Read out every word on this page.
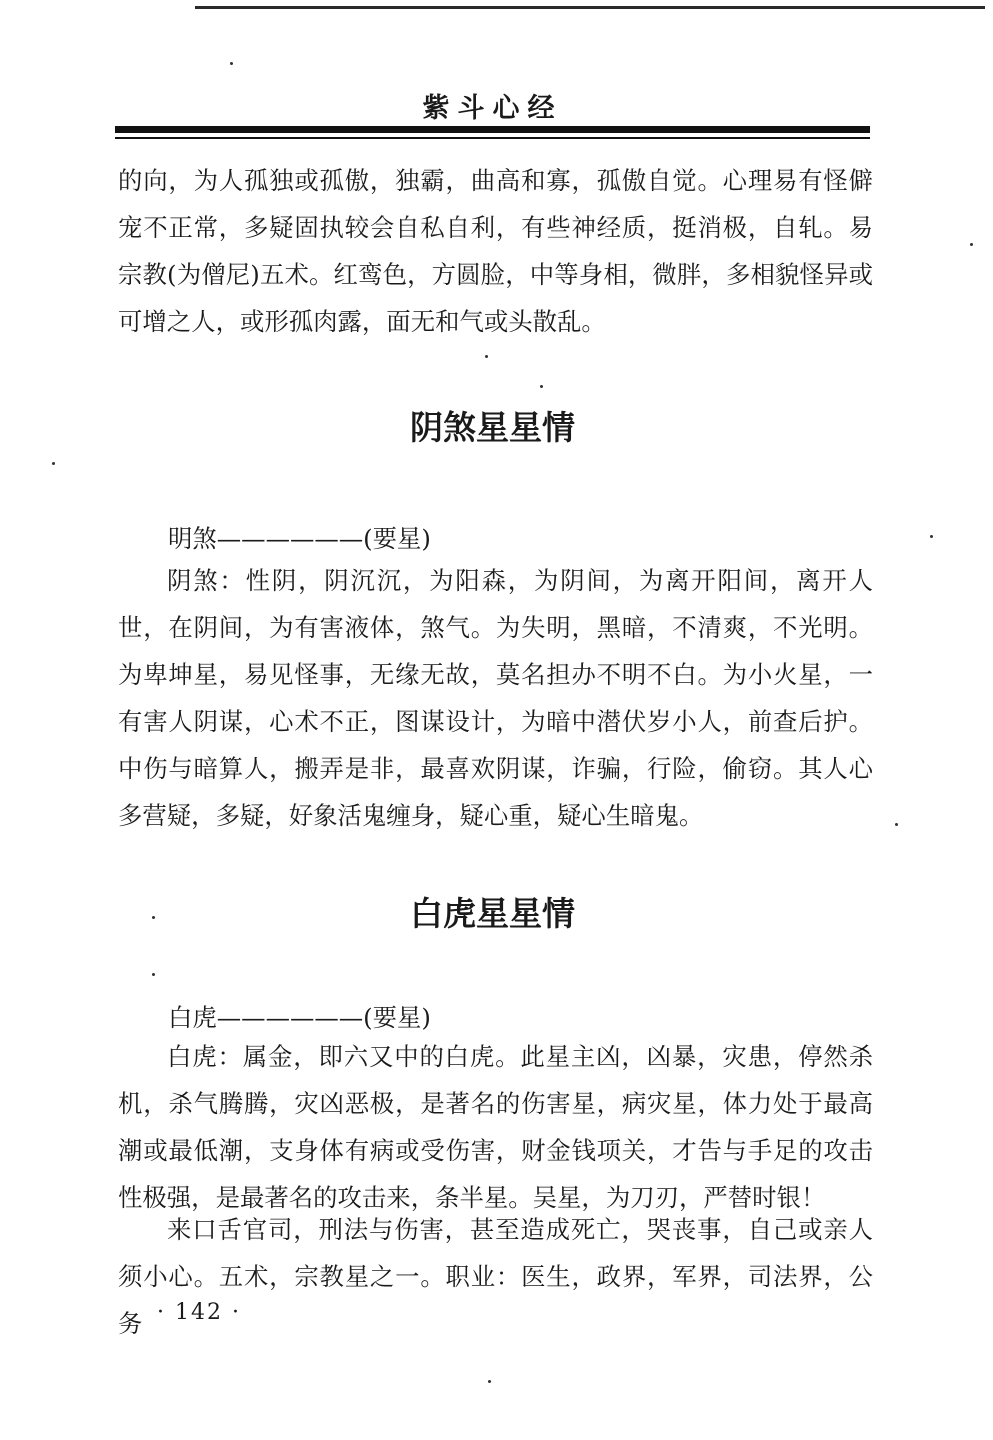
紫斗心经

的向，为人孤独或孤傲，独霸，曲高和寡，孤傲自觉。心理易有怪僻宠不正常，多疑固执较会自私自利，有些神经质，挺消极，自轧。易宗教(为僧尼)五术。红鸾色，方圆脸，中等身相，微胖，多相貌怪异或可增之人，或形孤肉露，面无和气或头散乱。

阴煞星星情

明煞——————(要星)

阴煞：性阴，阴沉沉，为阳森，为阴间，为离开阳间，离开人世，在阴间，为有害液体，煞气。为失明，黑暗，不清爽，不光明。为卑坤星，易见怪事，无缘无故，莫名担办不明不白。为小火星，一有害人阴谋，心术不正，图谋设计，为暗中潜伏岁小人，前查后护。中伤与暗算人，搬弄是非，最喜欢阴谋，诈骗，行险，偷窃。其人心多营疑，多疑，好象活鬼缠身，疑心重，疑心生暗鬼。

白虎星星情

白虎——————(要星)

白虎：属金，即六又中的白虎。此星主凶，凶暴，灾患，停然杀机，杀气腾腾，灾凶恶极，是著名的伤害星，病灾星，体力处于最高潮或最低潮，支身体有病或受伤害，财金钱项关，才告与手足的攻击性极强，是最著名的攻击来，条半星。吴星，为刀刃，严替时银！

来口舌官司，刑法与伤害，甚至造成死亡，哭丧事，自己或亲人须小心。五术，宗教星之一。职业：医生，政界，军界，司法界，公务 · 142 ·
